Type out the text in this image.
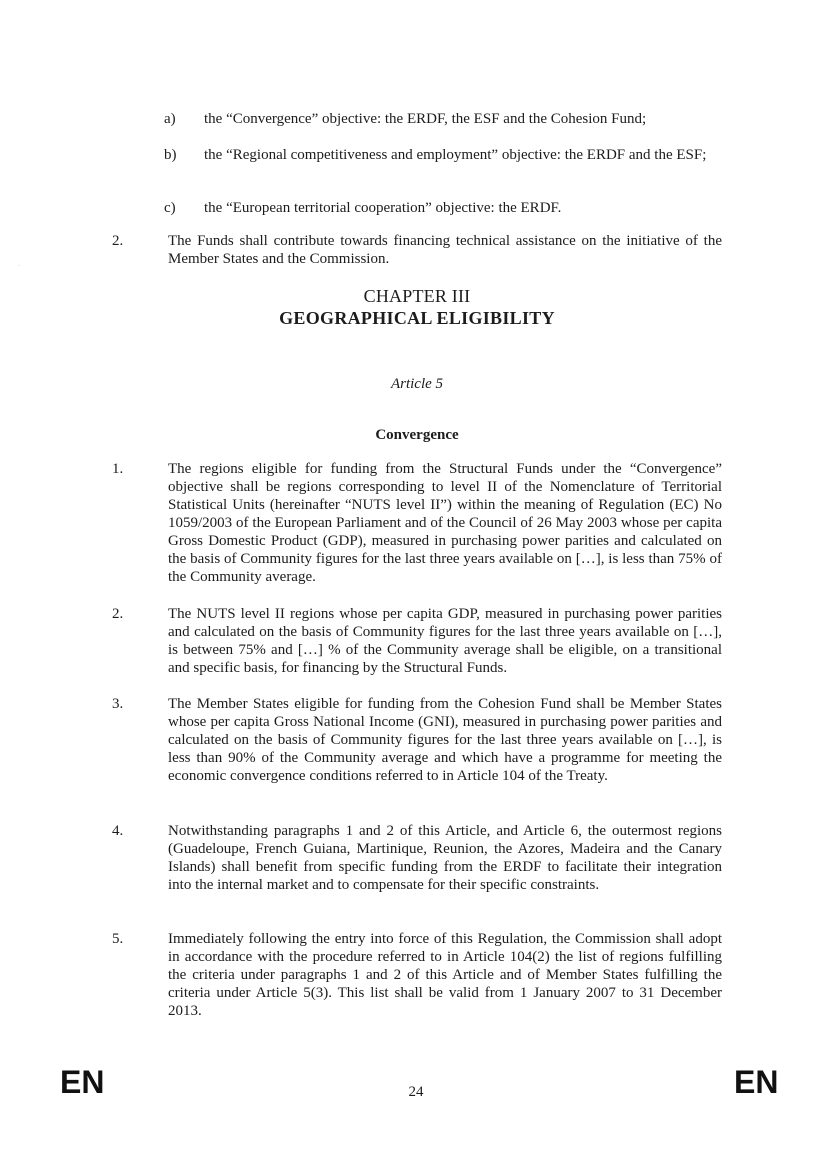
a)	the “Convergence” objective: the ERDF, the ESF and the Cohesion Fund;
b)	the “Regional competitiveness and employment” objective: the ERDF and the ESF;
c)	the “European territorial cooperation” objective: the ERDF.
2.	The Funds shall contribute towards financing technical assistance on the initiative of the Member States and the Commission.
·
CHAPTER III
GEOGRAPHICAL ELIGIBILITY
Article 5
Convergence
1.	The regions eligible for funding from the Structural Funds under the “Convergence” objective shall be regions corresponding to level II of the Nomenclature of Territorial Statistical Units (hereinafter “NUTS level II”) within the meaning of Regulation (EC) No 1059/2003 of the European Parliament and of the Council of 26 May 2003 whose per capita Gross Domestic Product (GDP), measured in purchasing power parities and calculated on the basis of Community figures for the last three years available on […], is less than 75% of the Community average.
2.	The NUTS level II regions whose per capita GDP, measured in purchasing power parities and calculated on the basis of Community figures for the last three years available on […], is between 75% and […] % of the Community average shall be eligible, on a transitional and specific basis, for financing by the Structural Funds.
3.	The Member States eligible for funding from the Cohesion Fund shall be Member States whose per capita Gross National Income (GNI), measured in purchasing power parities and calculated on the basis of Community figures for the last three years available on […], is less than 90% of the Community average and which have a programme for meeting the economic convergence conditions referred to in Article 104 of the Treaty.
4.	Notwithstanding paragraphs 1 and 2 of this Article, and Article 6, the outermost regions (Guadeloupe, French Guiana, Martinique, Reunion, the Azores, Madeira and the Canary Islands) shall benefit from specific funding from the ERDF to facilitate their integration into the internal market and to compensate for their specific constraints.
5.	Immediately following the entry into force of this Regulation, the Commission shall adopt in accordance with the procedure referred to in Article 104(2) the list of regions fulfilling the criteria under paragraphs 1 and 2 of this Article and of Member States fulfilling the criteria under Article 5(3). This list shall be valid from 1 January 2007 to 31 December 2013.
EN	24	EN
